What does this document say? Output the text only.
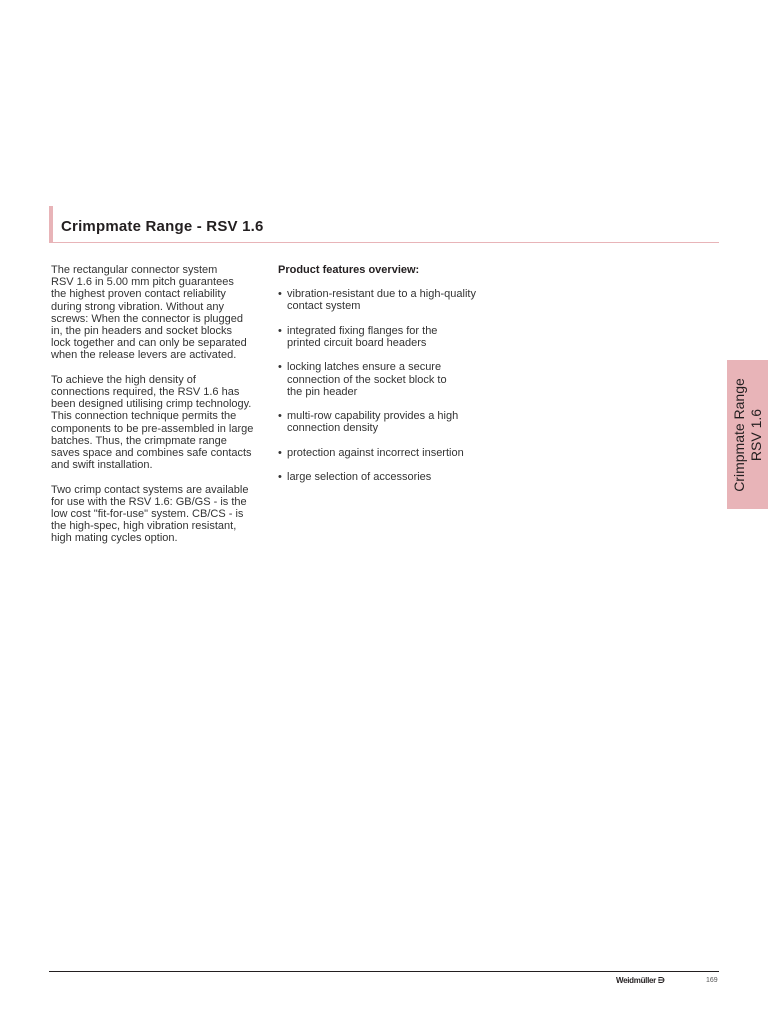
Crimpmate Range - RSV 1.6

The rectangular connector system
RSV 1.6 in 5.00 mm pitch guarantees
the highest proven contact reliability
during strong vibration. Without any
screws: When the connector is plugged
in, the pin headers and socket blocks
lock together and can only be separated
when the release levers are activated.

To achieve the high density of
connections required, the RSV 1.6 has
been designed utilising crimp technology.
This connection technique permits the
components to be pre-assembled in large
batches. Thus, the crimpmate range
saves space and combines safe contacts
and swift installation.

Two crimp contact systems are available
for use with the RSV 1.6: GB/GS - is the
low cost "fit-for-use" system. CB/CS - is
the high-spec, high vibration resistant,
high mating cycles option.

Product features overview:

• vibration-resistant due to a high-quality
contact system
• integrated fixing flanges for the
printed circuit board headers
• locking latches ensure a secure
connection of the socket block to
the pin header
• multi-row capability provides a high
connection density
• protection against incorrect insertion
• large selection of accessories	Crimpmate Range RSV 1.6
Weidmüller ⋻	169
